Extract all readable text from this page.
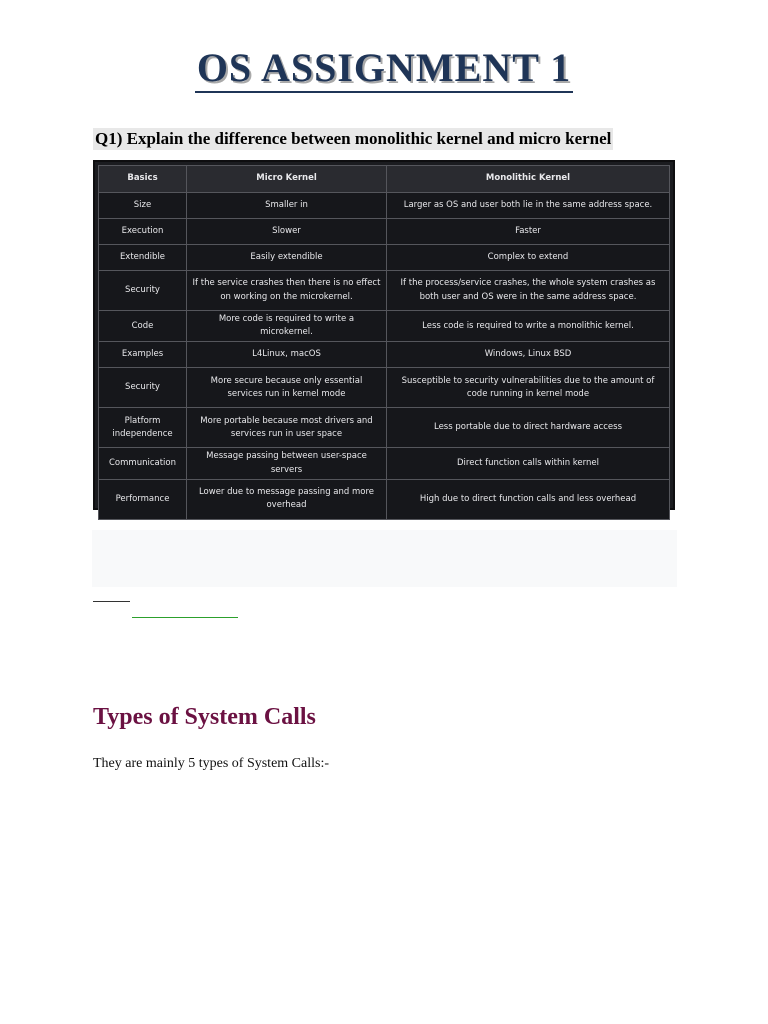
OS ASSIGNMENT 1
Q1) Explain the difference between monolithic kernel and micro kernel
Basics	Micro Kernel	Monolithic Kernel
Size	Smaller in	Larger as OS and user both lie in the same address space.
Execution	Slower	Faster
Extendible	Easily extendible	Complex to extend
Security	If the service crashes then there is no effect on working on the microkernel.	If the process/service crashes, the whole system crashes as both user and OS were in the same address space.
Code	More code is required to write a microkernel.	Less code is required to write a monolithic kernel.
Examples	L4Linux, macOS	Windows, Linux BSD
Security	More secure because only essential services run in kernel mode	Susceptible to security vulnerabilities due to the amount of code running in kernel mode
Platform independence	More portable because most drivers and services run in user space	Less portable due to direct hardware access
Communication	Message passing between user-space servers	Direct function calls within kernel
Performance	Lower due to message passing and more overhead	High due to direct function calls and less overhead
Types of System Calls
They are mainly 5 types of System Calls:-
